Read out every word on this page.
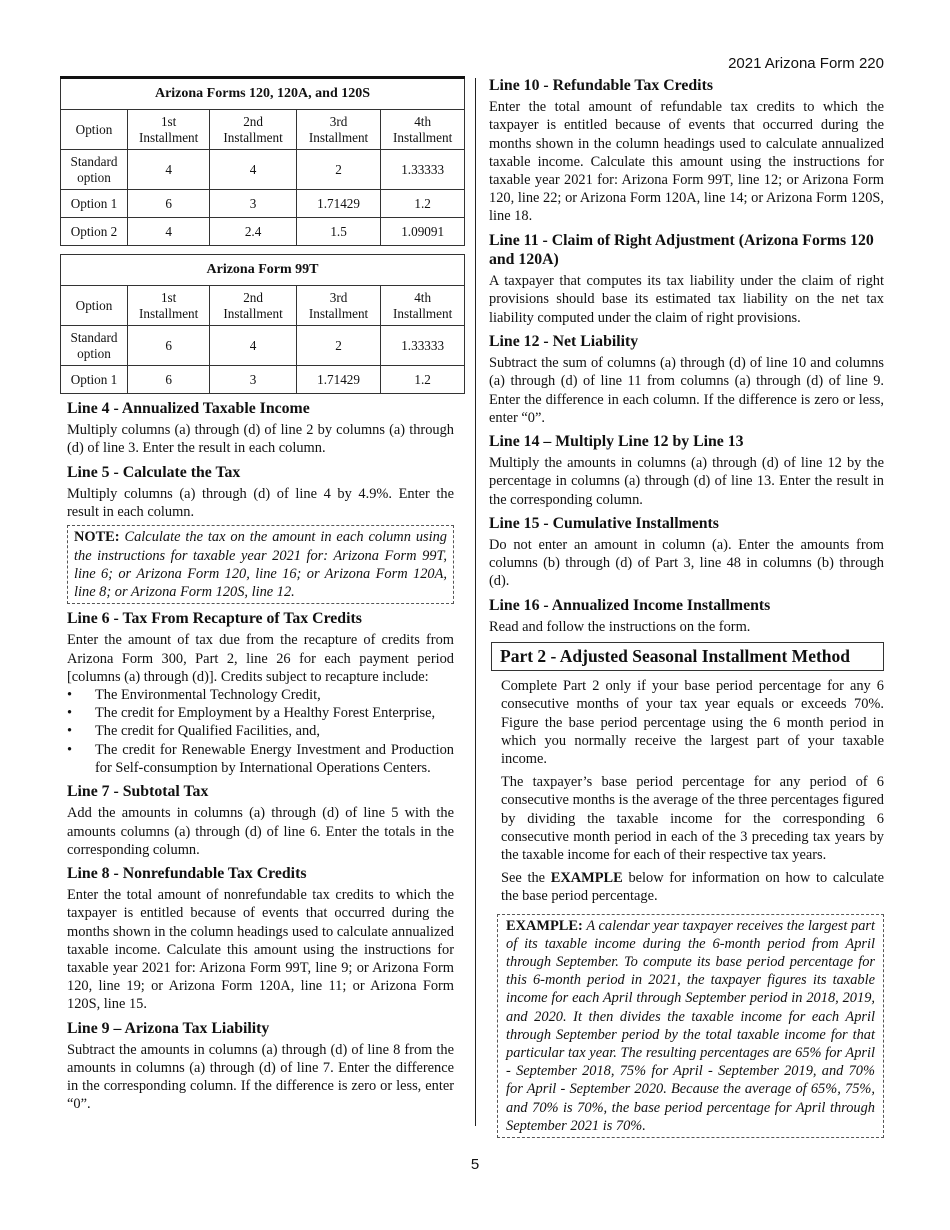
2021 Arizona Form 220
Arizona Forms 120, 120A, and 120S				
Option	1st Installment	2nd Installment	3rd Installment	4th Installment
Standard option	4	4	2	1.33333
Option 1	6	3	1.71429	1.2
Option 2	4	2.4	1.5	1.09091
Arizona Form 99T				
Option	1st Installment	2nd Installment	3rd Installment	4th Installment
Standard option	6	4	2	1.33333
Option 1	6	3	1.71429	1.2
Line 4 - Annualized Taxable Income

Multiply columns (a) through (d) of line 2 by columns (a) through (d) of line 3. Enter the result in each column.

Line 5 - Calculate the Tax

Multiply columns (a) through (d) of line 4 by 4.9%. Enter the result in each column.

NOTE: Calculate the tax on the amount in each column using the instructions for taxable year 2021 for: Arizona Form 99T, line 6; or Arizona Form 120, line 16; or Arizona Form 120A, line 8; or Arizona Form 120S, line 12.
Line 6 - Tax From Recapture of Tax Credits

Enter the amount of tax due from the recapture of credits from Arizona Form 300, Part 2, line 26 for each payment period [columns (a) through (d)]. Credits subject to recapture include:

• The Environmental Technology Credit,
• The credit for Employment by a Healthy Forest Enterprise,
• The credit for Qualified Facilities, and,
• The credit for Renewable Energy Investment and Production for Self-consumption by International Operations Centers.
Line 7 - Subtotal Tax

Add the amounts in columns (a) through (d) of line 5 with the amounts columns (a) through (d) of line 6. Enter the totals in the corresponding column.

Line 8 - Nonrefundable Tax Credits

Enter the total amount of nonrefundable tax credits to which the taxpayer is entitled because of events that occurred during the months shown in the column headings used to calculate annualized taxable income. Calculate this amount using the instructions for taxable year 2021 for: Arizona Form 99T, line 9; or Arizona Form 120, line 19; or Arizona Form 120A, line 11; or Arizona Form 120S, line 15.

Line 9 – Arizona Tax Liability

Subtract the amounts in columns (a) through (d) of line 8 from the amounts in columns (a) through (d) of line 7. Enter the difference in the corresponding column. If the difference is zero or less, enter “0”.

Line 10 - Refundable Tax Credits

Enter the total amount of refundable tax credits to which the taxpayer is entitled because of events that occurred during the months shown in the column headings used to calculate annualized taxable income. Calculate this amount using the instructions for taxable year 2021 for: Arizona Form 99T, line 12; or Arizona Form 120, line 22; or Arizona Form 120A, line 14; or Arizona Form 120S, line 18.

Line 11 - Claim of Right Adjustment (Arizona Forms 120 and 120A)

A taxpayer that computes its tax liability under the claim of right provisions should base its estimated tax liability on the net tax liability computed under the claim of right provisions.

Line 12 - Net Liability

Subtract the sum of columns (a) through (d) of line 10 and columns (a) through (d) of line 11 from columns (a) through (d) of line 9. Enter the difference in each column. If the difference is zero or less, enter “0”.

Line 14 – Multiply Line 12 by Line 13

Multiply the amounts in columns (a) through (d) of line 12 by the percentage in columns (a) through (d) of line 13. Enter the result in the corresponding column.

Line 15 - Cumulative Installments

Do not enter an amount in column (a). Enter the amounts from columns (b) through (d) of Part 3, line 48 in columns (b) through (d).

Line 16 - Annualized Income Installments

Read and follow the instructions on the form.

Part 2 - Adjusted Seasonal Installment Method

Complete Part 2 only if your base period percentage for any 6 consecutive months of your tax year equals or exceeds 70%. Figure the base period percentage using the 6 month period in which you normally receive the largest part of your taxable income.

The taxpayer’s base period percentage for any period of 6 consecutive months is the average of the three percentages figured by dividing the taxable income for the corresponding 6 consecutive month period in each of the 3 preceding tax years by the taxable income for each of their respective tax years.

See the EXAMPLE below for information on how to calculate the base period percentage.

EXAMPLE: A calendar year taxpayer receives the largest part of its taxable income during the 6-month period from April through September. To compute its base period percentage for this 6-month period in 2021, the taxpayer figures its taxable income for each April through September period in 2018, 2019, and 2020. It then divides the taxable income for each April through September period by the total taxable income for that particular tax year. The resulting percentages are 65% for April - September 2018, 75% for April - September 2019, and 70% for April - September 2020. Because the average of 65%, 75%, and 70% is 70%, the base period percentage for April through September 2021 is 70%.
5
